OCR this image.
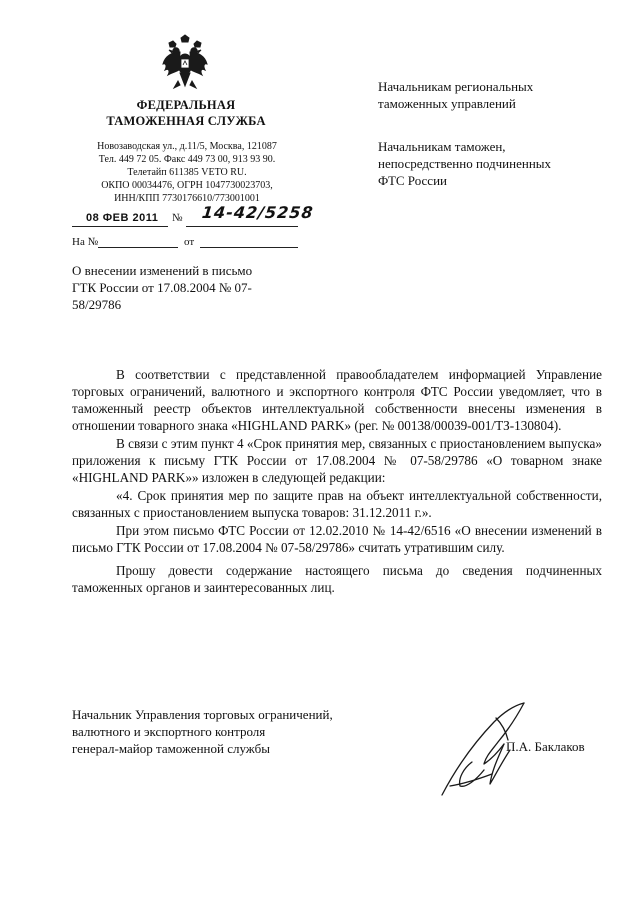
ФЕДЕРАЛЬНАЯ
ТАМОЖЕННАЯ СЛУЖБА
Новозаводская ул., д.11/5, Москва, 121087
Тел. 449 72 05. Факс 449 73 00, 913 93 90.
Телетайп 611385 VETO RU.
ОКПО 00034476, ОГРН 1047730023703,
ИНН/КПП 7730176610/773001001
08 ФЕВ 2011 № 14-42/5258
На №	от
Начальникам региональных
таможенных управлений
Начальникам таможен,
непосредственно подчиненных
ФТС России
О внесении изменений в письмо
ГТК России от 17.08.2004 № 07-
58/29786

В соответствии с представленной правообладателем информацией Управление торговых ограничений, валютного и экспортного контроля ФТС России уведомляет, что в таможенный реестр объектов интеллектуальной собственности внесены изменения в отношении товарного знака «HIGHLAND PARK» (рег. № 00138/00039-001/ТЗ-130804).

В связи с этим пункт 4 «Срок принятия мер, связанных с приостановлением выпуска» приложения к письму ГТК России от 17.08.2004 № 07-58/29786 «О товарном знаке «HIGHLAND PARK»» изложен в следующей редакции:

«4. Срок принятия мер по защите прав на объект интеллектуальной собственности, связанных с приостановлением выпуска товаров: 31.12.2011 г.».

При этом письмо ФТС России от 12.02.2010 № 14-42/6516 «О внесении изменений в письмо ГТК России от 17.08.2004 № 07-58/29786» считать утратившим силу.

Прошу довести содержание настоящего письма до сведения подчиненных таможенных органов и заинтересованных лиц.

Начальник Управления торговых ограничений,
валютного и экспортного контроля
генерал-майор таможенной службы	П.А. Баклаков
